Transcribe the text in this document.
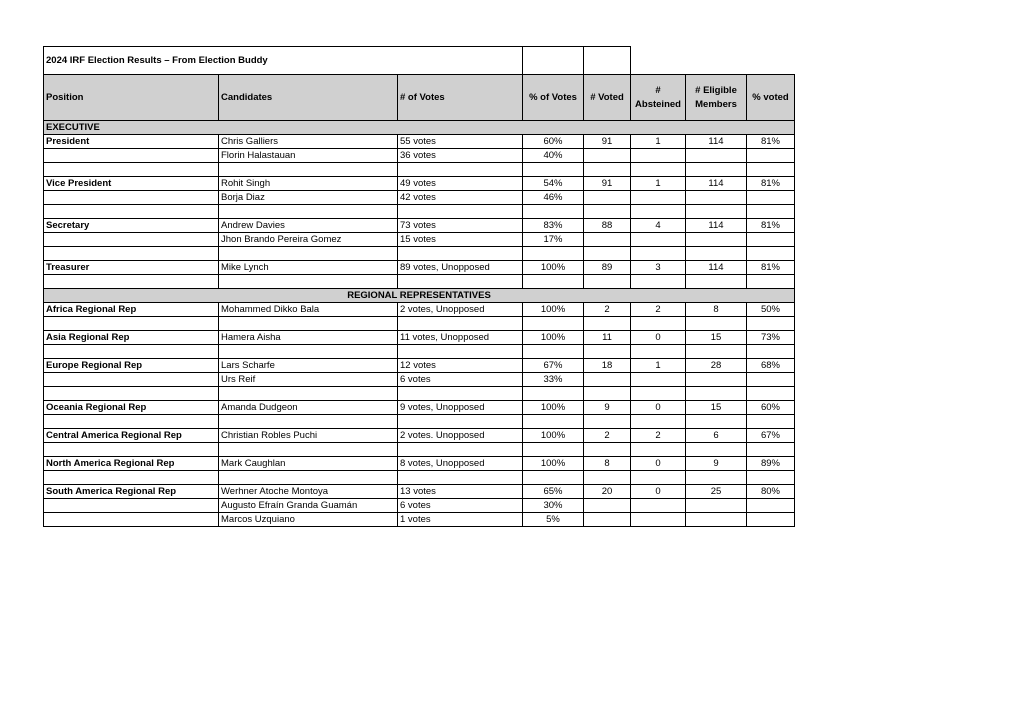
2024 IRF Election Results – From Election Buddy							
Position	Candidates	# of Votes	% of Votes	# Voted	# Absteined	# Eligible Members	% voted
EXECUTIVE							
President	Chris Galliers	55 votes	60%	91	1	114	81%
	Florin Halastauan	36 votes	40%				

Vice President	Rohit Singh	49 votes	54%	91	1	114	81%
	Borja Diaz	42 votes	46%				

Secretary	Andrew Davies	73 votes	83%	88	4	114	81%
	Jhon Brando Pereira Gomez	15 votes	17%				

Treasurer	Mike Lynch	89 votes, Unopposed	100%	89	3	114	81%

REGIONAL REPRESENTATIVES							
Africa Regional Rep	Mohammed Dikko Bala	2 votes, Unopposed	100%	2	2	8	50%

Asia Regional Rep	Hamera Aisha	11 votes, Unopposed	100%	11	0	15	73%

Europe Regional Rep	Lars Scharfe	12 votes	67%	18	1	28	68%
	Urs Reif	6 votes	33%				

Oceania Regional Rep	Amanda Dudgeon	9 votes, Unopposed	100%	9	0	15	60%

Central America Regional Rep	Christian Robles Puchi	2 votes. Unopposed	100%	2	2	6	67%

North America Regional Rep	Mark Caughlan	8 votes, Unopposed	100%	8	0	9	89%

South America Regional Rep	Werhner Atoche Montoya	13 votes	65%	20	0	25	80%
	Augusto Efraín Granda Guamán	6 votes	30%				
	Marcos Uzquiano	1 votes	5%				
